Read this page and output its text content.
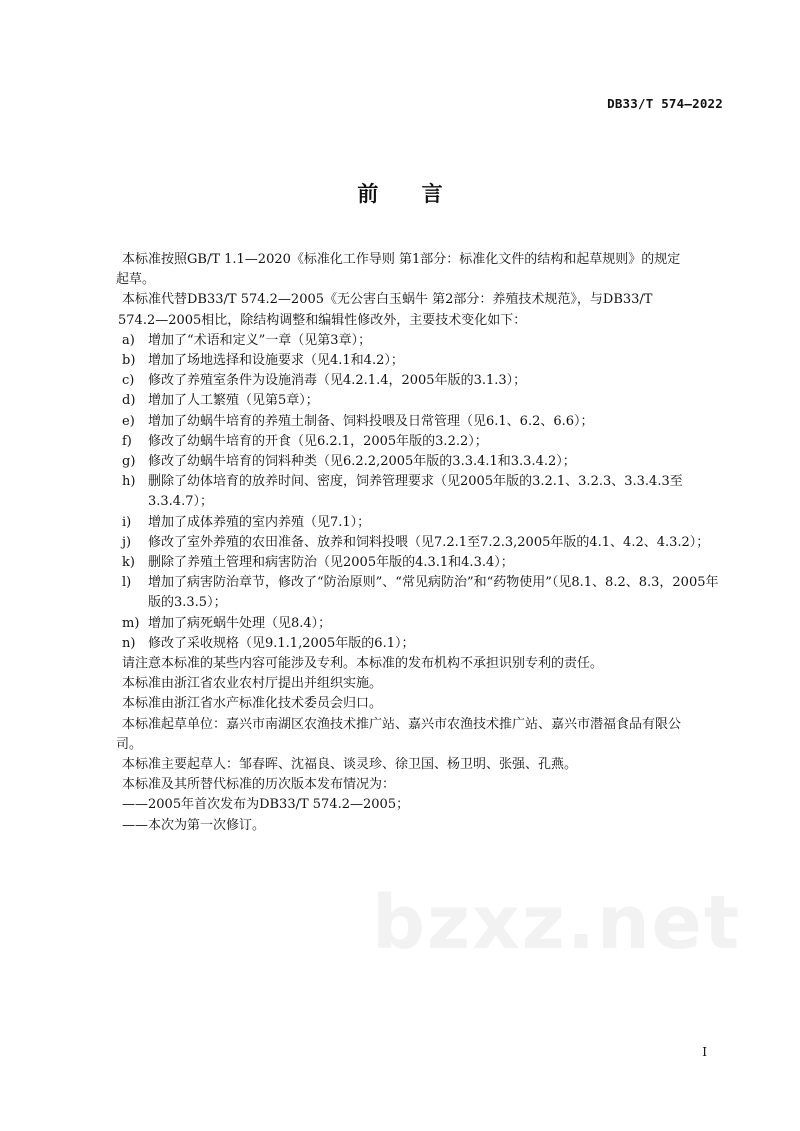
DB33/T 574—2022
前 言
本标准按照GB/T 1.1—2020《标准化工作导则 第1部分：标准化文件的结构和起草规则》的规定
起草。
本标准代替DB33/T 574.2—2005《无公害白玉蜗牛 第2部分：养殖技术规范》，与DB33/T
574.2—2005相比，除结构调整和编辑性修改外，主要技术变化如下：
a)	增加了“术语和定义”一章（见第3章）；
b) 增加了场地选择和设施要求（见4.1和4.2）；
c)	修改了养殖室条件为设施消毒（见4.2.1.4，2005年版的3.1.3）；
d) 增加了人工繁殖（见第5章）；
e)	增加了幼蜗牛培育的养殖土制备、饲料投喂及日常管理（见6.1、6.2、6.6）；
f)	修改了幼蜗牛培育的开食（见6.2.1，2005年版的3.2.2）；
g) 修改了幼蜗牛培育的饲料种类（见6.2.2,2005年版的3.3.4.1和3.3.4.2）；
h) 删除了幼体培育的放养时间、密度，饲养管理要求（见2005年版的3.2.1、3.2.3、3.3.4.3至3.3.4.7）；
i)	增加了成体养殖的室内养殖（见7.1）；
j)	修改了室外养殖的农田准备、放养和饲料投喂（见7.2.1至7.2.3,2005年版的4.1、4.2、4.3.2）；
k)	删除了养殖土管理和病害防治（见2005年版的4.3.1和4.3.4）；
l)	增加了病害防治章节，修改了“防治原则”、“常见病防治”和“药物使用”（见8.1、8.2、8.3，2005年版的3.3.5）；
m) 增加了病死蜗牛处理（见8.4）；
n) 修改了采收规格（见9.1.1,2005年版的6.1）；
请注意本标准的某些内容可能涉及专利。本标准的发布机构不承担识别专利的责任。
本标准由浙江省农业农村厅提出并组织实施。
本标准由浙江省水产标准化技术委员会归口。
本标准起草单位：嘉兴市南湖区农渔技术推广站、嘉兴市农渔技术推广站、嘉兴市潜福食品有限公
司。
本标准主要起草人：邹春晖、沈福良、谈灵珍、徐卫国、杨卫明、张强、孔燕。
本标准及其所替代标准的历次版本发布情况为：
——2005年首次发布为DB33/T 574.2—2005；
——本次为第一次修订。
bzxz.net
I
